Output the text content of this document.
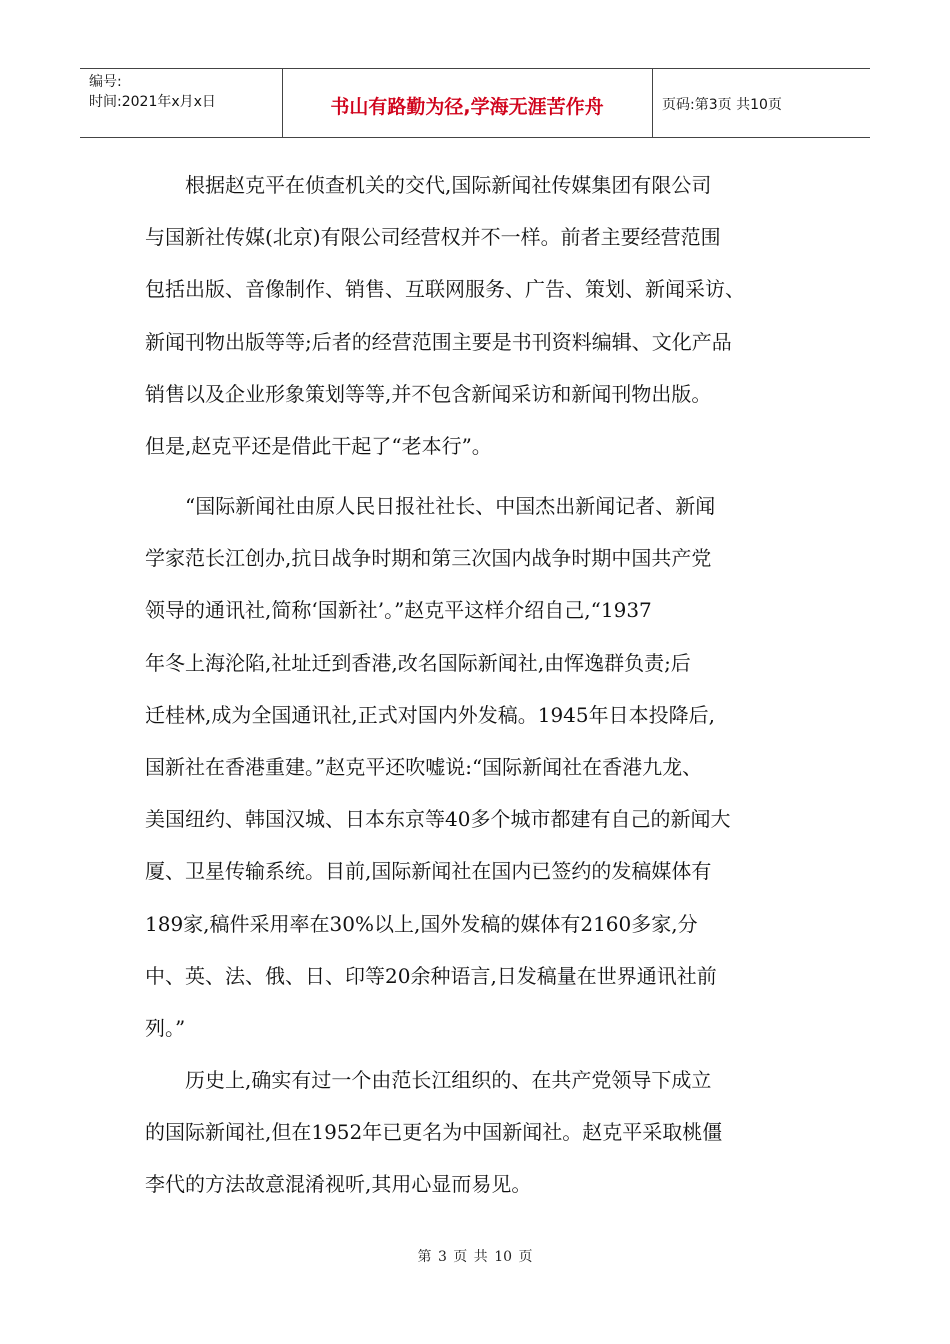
编号:
时间:2021年x月x日	书山有路勤为径,学海无涯苦作舟	页码:第3页 共10页
根据赵克平在侦查机关的交代,国际新闻社传媒集团有限公司
与国新社传媒(北京)有限公司经营权并不一样。前者主要经营范围
包括出版、音像制作、销售、互联网服务、广告、策划、新闻采访、
新闻刊物出版等等;后者的经营范围主要是书刊资料编辑、文化产品
销售以及企业形象策划等等,并不包含新闻采访和新闻刊物出版。
但是,赵克平还是借此干起了“老本行”。
“国际新闻社由原人民日报社社长、中国杰出新闻记者、新闻
学家范长江创办,抗日战争时期和第三次国内战争时期中国共产党
领导的通讯社,简称‘国新社’。”赵克平这样介绍自己,“1937
年冬上海沦陷,社址迁到香港,改名国际新闻社,由恽逸群负责;后
迁桂林,成为全国通讯社,正式对国内外发稿。1945年日本投降后,
国新社在香港重建。”赵克平还吹嘘说:“国际新闻社在香港九龙、
美国纽约、韩国汉城、日本东京等40多个城市都建有自己的新闻大
厦、卫星传输系统。目前,国际新闻社在国内已签约的发稿媒体有
189家,稿件采用率在30%以上,国外发稿的媒体有2160多家,分
中、英、法、俄、日、印等20余种语言,日发稿量在世界通讯社前
列。”
历史上,确实有过一个由范长江组织的、在共产党领导下成立
的国际新闻社,但在1952年已更名为中国新闻社。赵克平采取桃僵
李代的方法故意混淆视听,其用心显而易见。
第 3 页 共 10 页
